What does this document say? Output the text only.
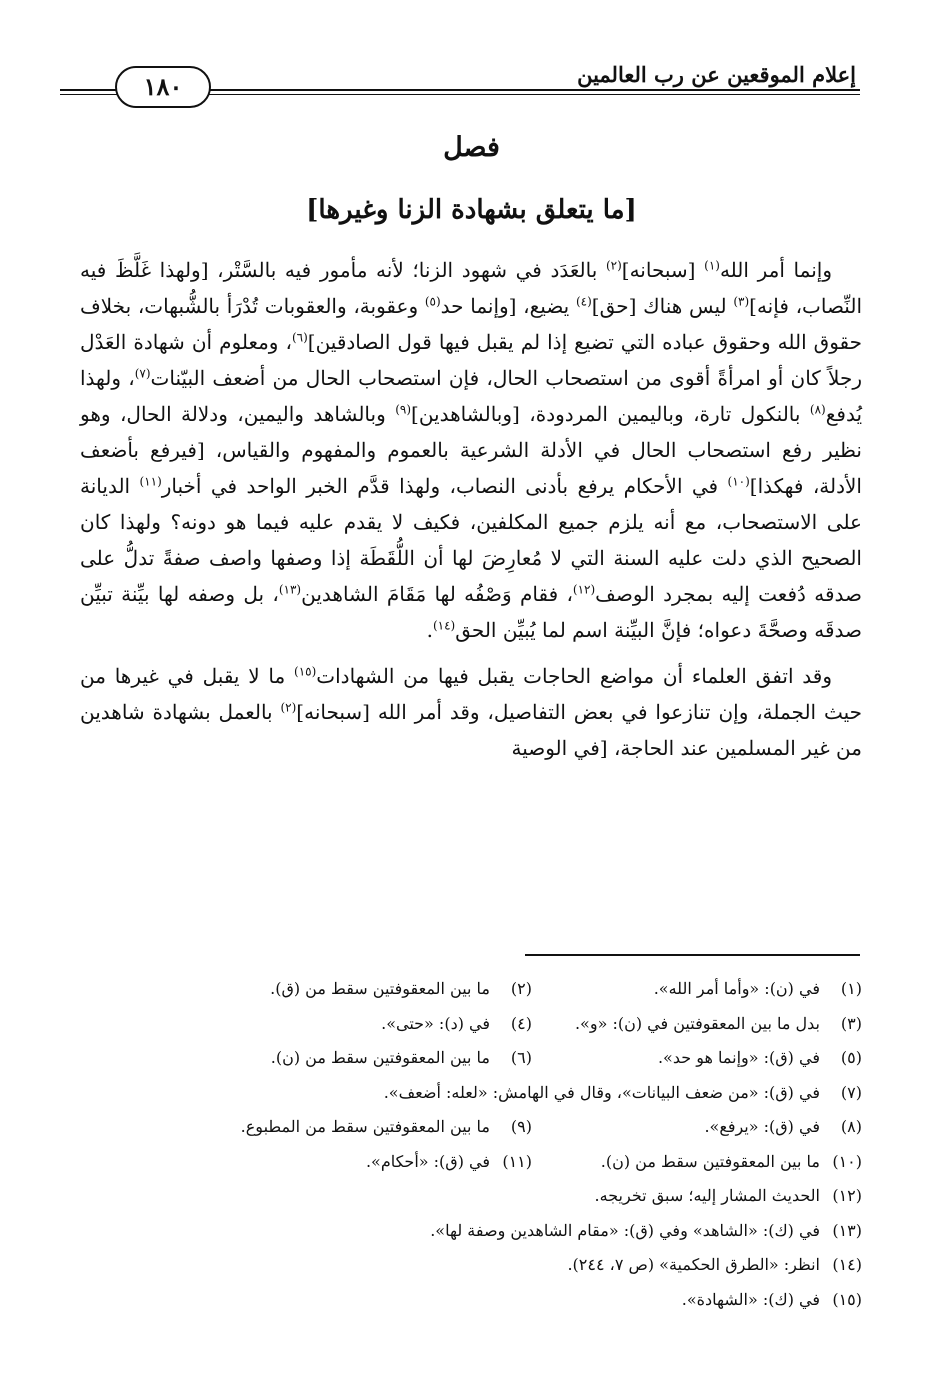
إعلام الموقعين عن رب العالمين
١٨٠
فصل
[ما يتعلق بشهادة الزنا وغيرها]

وإنما أمر الله$^{(١)}$ [سبحانه]$^{(٢)}$ بالعَدَد في شهود الزنا؛ لأنه مأمور فيه بالسَّتْر، [ولهذا غَلَّظَ فيه النِّصاب، فإنه]$^{(٣)}$ ليس هناك [حق]$^{(٤)}$ يضيع، [وإنما حد$^{(٥)}$ وعقوبة، والعقوبات تُدْرَأ بالشُّبهات، بخلاف حقوق الله وحقوق عباده التي تضيع إذا لم يقبل فيها قول الصادقين]$^{(٦)}$، ومعلوم أن شهادة العَدْل رجلاً كان أو امرأةً أقوى من استصحاب الحال، فإن استصحاب الحال من أضعف البيّنات$^{(٧)}$، ولهذا يُدفع$^{(٨)}$ بالنكول تارة، وباليمين المردودة، [وبالشاهدين]$^{(٩)}$ وبالشاهد واليمين، ودلالة الحال، وهو نظير رفع استصحاب الحال في الأدلة الشرعية بالعموم والمفهوم والقياس، [فيرفع بأضعف الأدلة، فهكذا]$^{(١٠)}$ في الأحكام يرفع بأدنى النصاب، ولهذا قدَّم الخبر الواحد في أخبار$^{(١١)}$ الديانة على الاستصحاب، مع أنه يلزم جميع المكلفين، فكيف لا يقدم عليه فيما هو دونه؟ ولهذا كان الصحيح الذي دلت عليه السنة التي لا مُعارِضَ لها أن اللُّقَطَة إذا وصفها واصف صفةً تدلُّ على صدقه دُفعت إليه بمجرد الوصف$^{(١٢)}$، فقام وَصْفُه لها مَقَامَ الشاهدين$^{(١٣)}$، بل وصفه لها بيِّنة تبيِّن صدقَه وصحَّةَ دعواه؛ فإنَّ البيِّنة اسم لما يُبيِّن الحق$^{(١٤)}$.

وقد اتفق العلماء أن مواضع الحاجات يقبل فيها من الشهادات$^{(١٥)}$ ما لا يقبل في غيرها من حيث الجملة، وإن تنازعوا في بعض التفاصيل، وقد أمر الله [سبحانه]$^{(٢)}$ بالعمل بشهادة شاهدين من غير المسلمين عند الحاجة، [في الوصية

(١)في (ن): «وأما أمر الله».
(٢)ما بين المعقوفتين سقط من (ق).
(٣)بدل ما بين المعقوفتين في (ن): «و».
(٤)في (د): «حتى».
(٥)في (ق): «وإنما هو حد».
(٦)ما بين المعقوفتين سقط من (ن).
(٧)في (ق): «من ضعف البيانات»، وقال في الهامش: «لعله: أضعف».
(٨)في (ق): «يرفع».
(٩)ما بين المعقوفتين سقط من المطبوع.
(١٠)ما بين المعقوفتين سقط من (ن).
(١١)في (ق): «أحكام».
(١٢)الحديث المشار إليه؛ سبق تخريجه.
(١٣)في (ك): «الشاهد» وفي (ق): «مقام الشاهدين وصفة لها».
(١٤)انظر: «الطرق الحكمية» (ص ٧، ٢٤٤).
(١٥)في (ك): «الشهادة».
